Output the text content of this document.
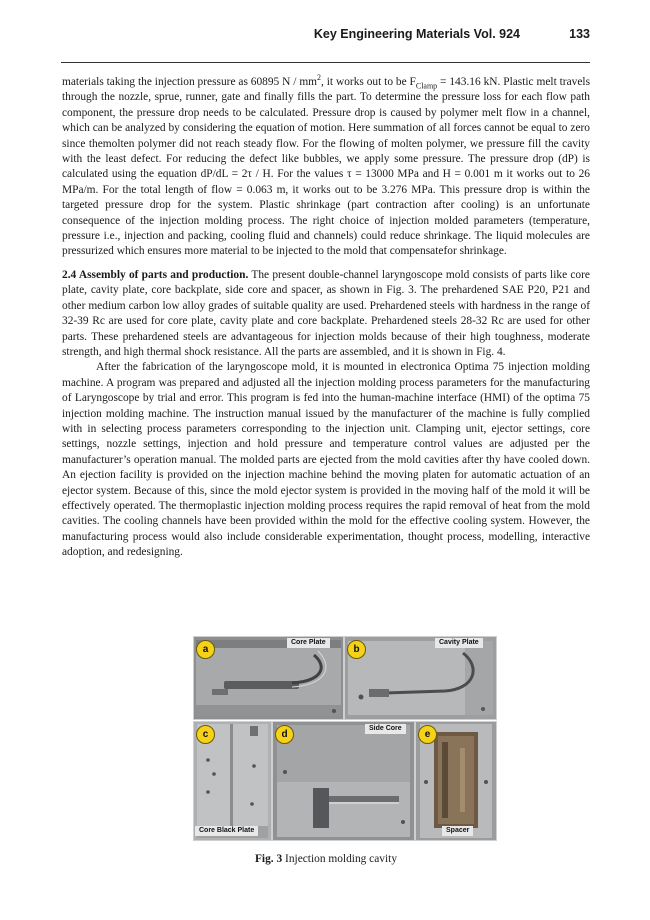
Key Engineering Materials Vol. 924	133

materials taking the injection pressure as 60895 N / $mm^2$, it works out to be $F_{Clamp} = 143.16$ kN. Plastic melt travels through the nozzle, sprue, runner, gate and finally fills the part. To determine the pressure loss for each flow path component, the pressure drop needs to be calculated. Pressure drop is caused by polymer melt flow in a channel, which can be analyzed by considering the equation of motion. Here summation of all forces cannot be equal to zero since themolten polymer did not reach steady flow. For the flowing of molten polymer, we pressure fill the cavity with the least defect. For reducing the defect like bubbles, we apply some pressure. The pressure drop (dP) is calculated using the equation dP/dL = 2τ / H. For the values τ = 13000 MPa and H = 0.001 m it works out to 26 MPa/m. For the total length of flow = 0.063 m, it works out to be 3.276 MPa. This pressure drop is within the targeted pressure drop for the system. Plastic shrinkage (part contraction after cooling) is an unfortunate consequence of the injection molding process. The right choice of injection molded parameters (temperature, pressure i.e., injection and packing, cooling fluid and channels) could reduce shrinkage. The liquid molecules are pressurized which ensures more material to be injected to the mold that compensatefor shrinkage.

2.4 Assembly of parts and production. The present double-channel laryngoscope mold consists of parts like core plate, cavity plate, core backplate, side core and spacer, as shown in Fig. 3. The prehardened SAE P20, P21 and other medium carbon low alloy grades of suitable quality are used. Prehardened steels with hardness in the range of 32-39 Rc are used for core plate, cavity plate and core backplate. Prehardened steels 28-32 Rc are used for other parts. These prehardened steels are advantageous for injection molds because of their high toughness, moderate strength, and high thermal shock resistance. All the parts are assembled, and it is shown in Fig. 4.

After the fabrication of the laryngoscope mold, it is mounted in electronica Optima 75 injection molding machine. A program was prepared and adjusted all the injection molding process parameters for the manufacturing of Laryngoscope by trial and error. This program is fed into the human-machine interface (HMI) of the optima 75 injection molding machine. The instruction manual issued by the manufacturer of the machine is fully complied with in selecting process parameters corresponding to the injection unit. Clamping unit, ejector settings, core settings, nozzle settings, injection and hold pressure and temperature control values are adjusted per the manufacturer’s operation manual. The molded parts are ejected from the mold cavities after thy have cooled down. An ejection facility is provided on the injection machine behind the moving platen for automatic actuation of an ejector system. Because of this, since the mold ejector system is provided in the moving half of the mold it will be effectively operated. The thermoplastic injection molding process requires the rapid removal of heat from the mold cavities. The cooling channels have been provided within the mold for the effective cooling system. However, the manufacturing process would also include considerable experimentation, thought process, modelling, interactive adoption, and redesigning.

a
Core Plate
b
Cavity Plate
c
Core Black Plate
d
Side Core
e
Spacer
Fig. 3 Injection molding cavity
